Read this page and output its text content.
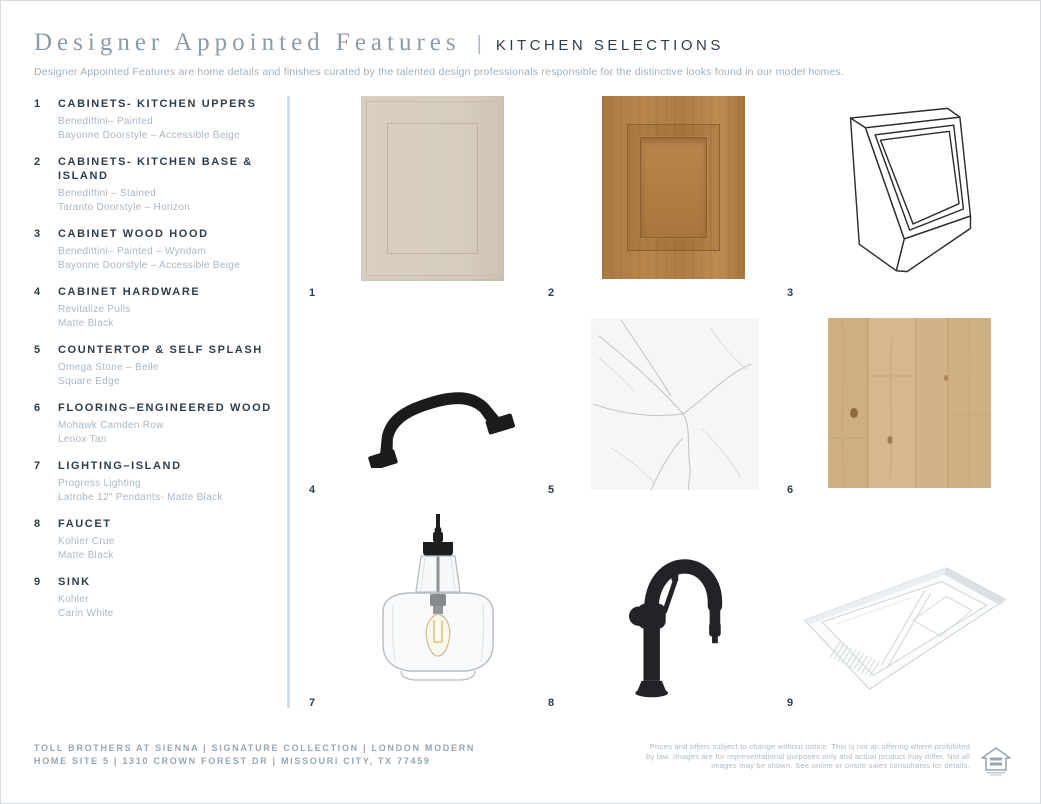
Designer Appointed Features | KITCHEN SELECTIONS
Designer Appointed Features are home details and finishes curated by the talented design professionals responsible for the distinctive looks found in our model homes.
1	CABINETS- KITCHEN UPPERS
Benedittini– Painted
Bayonne Doorstyle – Accessible Beige
2	CABINETS- KITCHEN BASE & ISLAND
Benedittini – Stained
Taranto Doorstyle – Horizon
3	CABINET WOOD HOOD
Benedittini– Painted – Wyndam
Bayonne Doorstyle – Accessible Beige
4	CABINET HARDWARE
Revitalize Pulls
Matte Black
5	COUNTERTOP & SELF SPLASH
Omega Stone – Belle
Square Edge
6	FLOORING–ENGINEERED WOOD
Mohawk Camden Row
Lenox Tan
7	LIGHTING–ISLAND
Progress Lighting
Latrobe 12" Pendants- Matte Black
8	FAUCET
Kohler Crue
Matte Black
9	SINK
Kohler
Carin White
1	2	3
4	5	6
7	8	9
TOLL BROTHERS AT SIENNA | SIGNATURE COLLECTION | LONDON MODERN
HOME SITE 5 | 1310 CROWN FOREST DR | MISSOURI CITY, TX 77459
Prices and offers subject to change without notice. This is not an offering where prohibited by law. Images are for representational purposes only and actual product may differ. Not all images may be shown. See online or onsite sales consultants for details.
